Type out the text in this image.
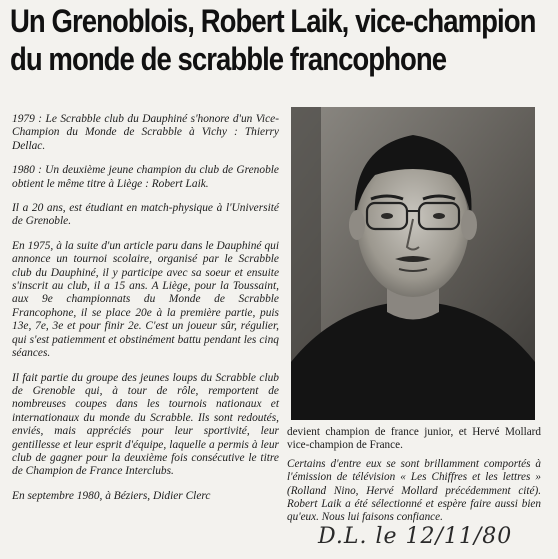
Un Grenoblois, Robert Laik, vice-champion
du monde de scrabble francophone

1979 : Le Scrabble club du Dauphiné s'honore d'un Vice-Champion du Monde de Scrabble à Vichy : Thierry Dellac.

1980 : Un deuxième jeune champion du club de Grenoble obtient le même titre à Liège : Robert Laik.

Il a 20 ans, est étudiant en match-physique à l'Université de Grenoble.

En 1975, à la suite d'un article paru dans le Dauphiné qui annonce un tournoi scolaire, organisé par le Scrabble club du Dauphiné, il y participe avec sa soeur et ensuite s'inscrit au club, il a 15 ans. A Liège, pour la Toussaint, aux 9e championnats du Monde de Scrabble Francophone, il se place 20e à la première partie, puis 13e, 7e, 3e et pour finir 2e. C'est un joueur sûr, régulier, qui s'est patiemment et obstinément battu pendant les cinq séances.

Il fait partie du groupe des jeunes loups du Scrabble club de Grenoble qui, à tour de rôle, remportent de nombreuses coupes dans les tournois nationaux et internationaux du monde du Scrabble. Ils sont redoutés, enviés, mais appréciés pour leur sportivité, leur gentillesse et leur esprit d'équipe, laquelle a permis à leur club de gagner pour la deuxième fois consécutive le titre de Champion de France Interclubs.

En septembre 1980, à Béziers, Didier Clerc

devient champion de france junior, et Hervé Mollard vice-champion de France.

Certains d'entre eux se sont brillamment comportés à l'émission de télévision « Les Chiffres et les lettres » (Rolland Nino, Hervé Mollard précédemment cité). Robert Laik a été sélectionné et espère faire aussi bien qu'eux. Nous lui faisons confiance.

D.L. le 12/11/80
